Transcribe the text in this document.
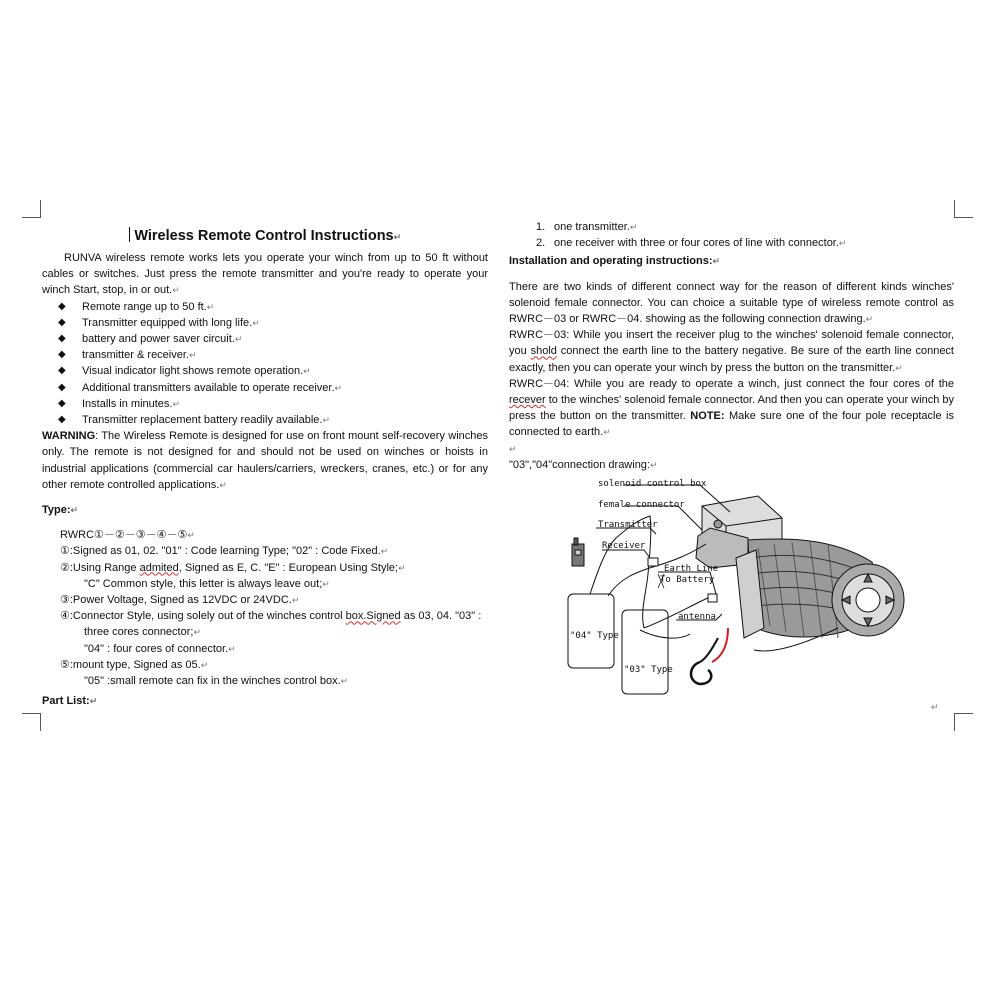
Wireless Remote Control Instructions↵

RUNVA wireless remote works lets you operate your winch from up to 50 ft without cables or switches. Just press the remote transmitter and you're ready to operate your winch Start, stop, in or out.↵

◆ Remote range up to 50 ft.↵
◆ Transmitter equipped with long life.↵
◆ battery and power saver circuit.↵
◆ transmitter & receiver.↵
◆ Visual indicator light shows remote operation.↵
◆ Additional transmitters available to operate receiver.↵
◆ Installs in minutes.↵
◆ Transmitter replacement battery readily available.↵

WARNING: The Wireless Remote is designed for use on front mount self-recovery winches only. The remote is not designed for and should not be used on winches or hoists in industrial applications (commercial car haulers/carriers, wreckers, cranes, etc.) or for any other remote controlled applications.↵

Type:↵

RWRC①－②－③－④－⑤↵

①:Signed as 01, 02. "01" : Code learning Type; "02" : Code Fixed.↵

②:Using Range admited, Signed as E, C. "E" : European Using Style;↵

"C" Common style, this letter is always leave out;↵

③:Power Voltage, Signed as 12VDC or 24VDC.↵

④:Connector Style, using solely out of the winches control box.Signed as 03, 04. "03" :

three cores connector;↵

"04" : four cores of connector.↵

⑤:mount type, Signed as 05.↵

"05" :small remote can fix in the winches control box.↵

Part List:↵

1. one transmitter.↵
2. one receiver with three or four cores of line with connector.↵

Installation and operating instructions:↵

There are two kinds of different connect way for the reason of different kinds winches' solenoid female connector. You can choice a suitable type of wireless remote control as RWRC－03 or RWRC－04. showing as the following connection drawing.↵

RWRC－03: While you insert the receiver plug to the winches' solenoid female connector, you shold connect the earth line to the battery negative. Be sure of the earth line connect exactly, then you can operate your winch by press the button on the transmitter.↵

RWRC－04: While you are ready to operate a winch, just connect the four cores of the recever to the winches' solenoid female connector. And then you can operate your winch by press the button on the transmitter. NOTE: Make sure one of the four pole receptacle is connected to earth.↵

↵

"03","04"connection drawing:↵

solenoid control box
female connector
Transmitter
Receiver
Earth Line
To Battery
antenna
"04" Type
"03" Type
↵
